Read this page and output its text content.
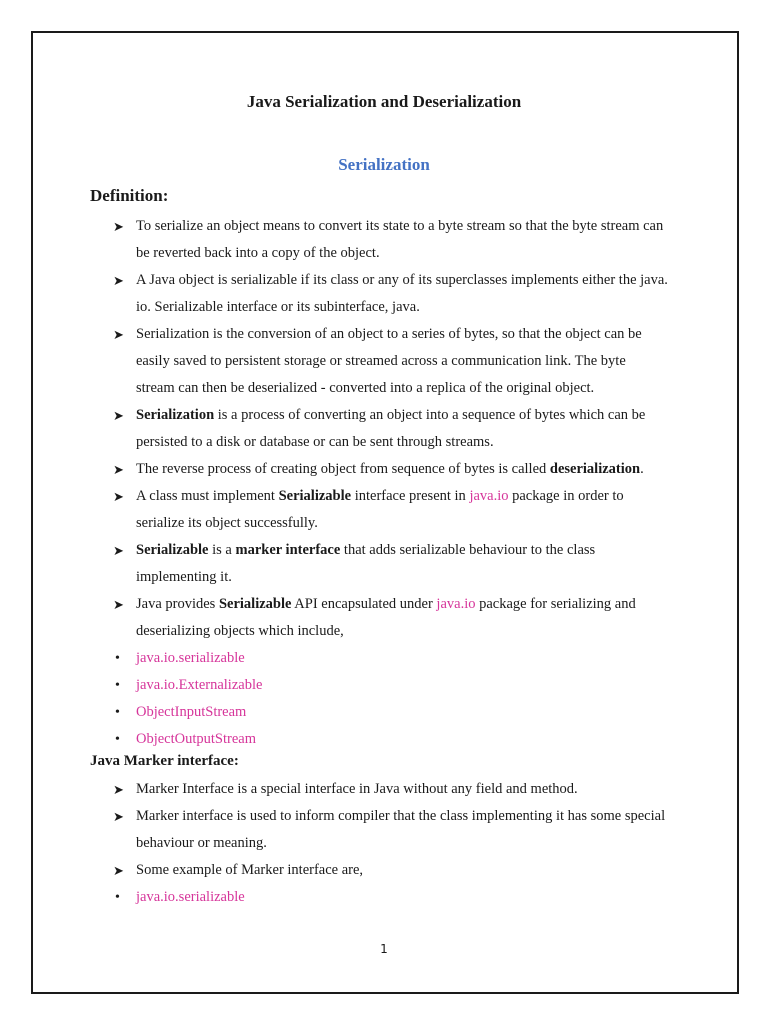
Java Serialization and Deserialization
Serialization
Definition:
➤ To serialize an object means to convert its state to a byte stream so that the byte stream can be reverted back into a copy of the object.
➤ A Java object is serializable if its class or any of its superclasses implements either the java. io. Serializable interface or its subinterface, java.
➤ Serialization is the conversion of an object to a series of bytes, so that the object can be easily saved to persistent storage or streamed across a communication link. The byte stream can then be deserialized - converted into a replica of the original object.
➤ Serialization is a process of converting an object into a sequence of bytes which can be persisted to a disk or database or can be sent through streams.
➤ The reverse process of creating object from sequence of bytes is called deserialization.
➤ A class must implement Serializable interface present in java.io package in order to serialize its object successfully.
➤ Serializable is a marker interface that adds serializable behaviour to the class implementing it.
➤ Java provides Serializable API encapsulated under java.io package for serializing and deserializing objects which include,
• java.io.serializable
• java.io.Externalizable
• ObjectInputStream
• ObjectOutputStream
Java Marker interface:
➤ Marker Interface is a special interface in Java without any field and method.
➤ Marker interface is used to inform compiler that the class implementing it has some special behaviour or meaning.
➤ Some example of Marker interface are,
• java.io.serializable
1
